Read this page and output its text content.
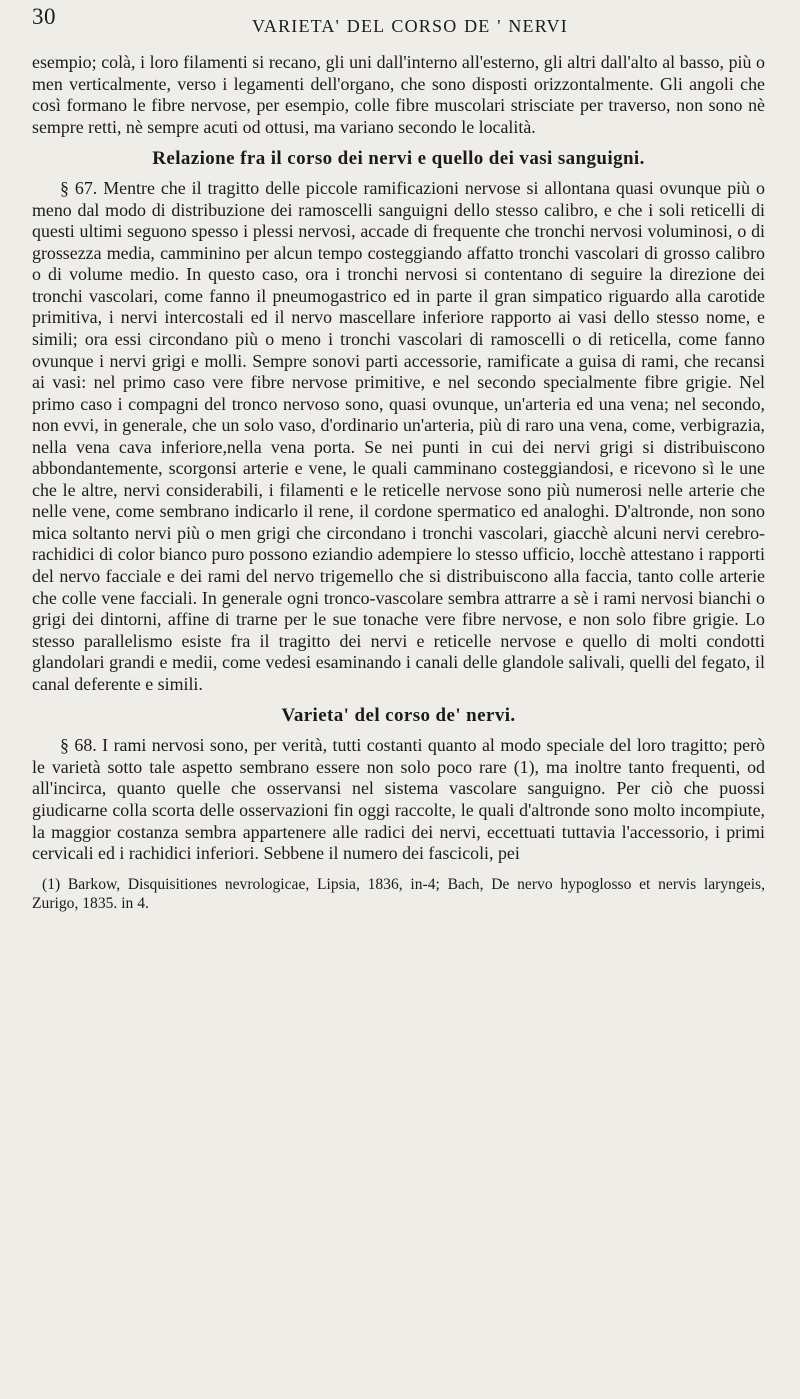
30	VARIETA' DEL CORSO DE ' NERVI

esempio; colà, i loro filamenti si recano, gli uni dall'interno all'esterno, gli altri dall'alto al basso, più o men verticalmente, verso i legamenti dell'organo, che sono disposti orizzontalmente. Gli angoli che così formano le fibre nervose, per esempio, colle fibre muscolari strisciate per traverso, non sono nè sempre retti, nè sempre acuti od ottusi, ma variano secondo le località.

Relazione fra il corso dei nervi e quello dei vasi sanguigni.

§ 67. Mentre che il tragitto delle piccole ramificazioni nervose si allontana quasi ovunque più o meno dal modo di distribuzione dei ramoscelli sanguigni dello stesso calibro, e che i soli reticelli di questi ultimi seguono spesso i plessi nervosi, accade di frequente che tronchi nervosi voluminosi, o di grossezza media, camminino per alcun tempo costeggiando affatto tronchi vascolari di grosso calibro o di volume medio. In questo caso, ora i tronchi nervosi si contentano di seguire la direzione dei tronchi vascolari, come fanno il pneumogastrico ed in parte il gran simpatico riguardo alla carotide primitiva, i nervi intercostali ed il nervo mascellare inferiore rapporto ai vasi dello stesso nome, e simili; ora essi circondano più o meno i tronchi vascolari di ramoscelli o di reticella, come fanno ovunque i nervi grigi e molli. Sempre sonovi parti accessorie, ramificate a guisa di rami, che recansi ai vasi: nel primo caso vere fibre nervose primitive, e nel secondo specialmente fibre grigie. Nel primo caso i compagni del tronco nervoso sono, quasi ovunque, un'arteria ed una vena; nel secondo, non evvi, in generale, che un solo vaso, d'ordinario un'arteria, più di raro una vena, come, verbigrazia, nella vena cava inferiore,nella vena porta. Se nei punti in cui dei nervi grigi si distribuiscono abbondantemente, scorgonsi arterie e vene, le quali camminano costeggiandosi, e ricevono sì le une che le altre, nervi considerabili, i filamenti e le reticelle nervose sono più numerosi nelle arterie che nelle vene, come sembrano indicarlo il rene, il cordone spermatico ed analoghi. D'altronde, non sono mica soltanto nervi più o men grigi che circondano i tronchi vascolari, giacchè alcuni nervi cerebro-rachidici di color bianco puro possono eziandio adempiere lo stesso ufficio, locchè attestano i rapporti del nervo facciale e dei rami del nervo trigemello che si distribuiscono alla faccia, tanto colle arterie che colle vene facciali. In generale ogni tronco-vascolare sembra attrarre a sè i rami nervosi bianchi o grigi dei dintorni, affine di trarne per le sue tonache vere fibre nervose, e non solo fibre grigie. Lo stesso parallelismo esiste fra il tragitto dei nervi e reticelle nervose e quello di molti condotti glandolari grandi e medii, come vedesi esaminando i canali delle glandole salivali, quelli del fegato, il canal deferente e simili.

Varieta' del corso de' nervi.

§ 68. I rami nervosi sono, per verità, tutti costanti quanto al modo speciale del loro tragitto; però le varietà sotto tale aspetto sembrano essere non solo poco rare (1), ma inoltre tanto frequenti, od all'incirca, quanto quelle che osservansi nel sistema vascolare sanguigno. Per ciò che puossi giudicarne colla scorta delle osservazioni fin oggi raccolte, le quali d'altronde sono molto incompiute, la maggior costanza sembra appartenere alle radici dei nervi, eccettuati tuttavia l'accessorio, i primi cervicali ed i rachidici inferiori. Sebbene il numero dei fascicoli, pei

(1) Barkow, Disquisitiones nevrologicae, Lipsia, 1836, in-4; Bach, De nervo hypoglosso et nervis laryngeis, Zurigo, 1835. in 4.
